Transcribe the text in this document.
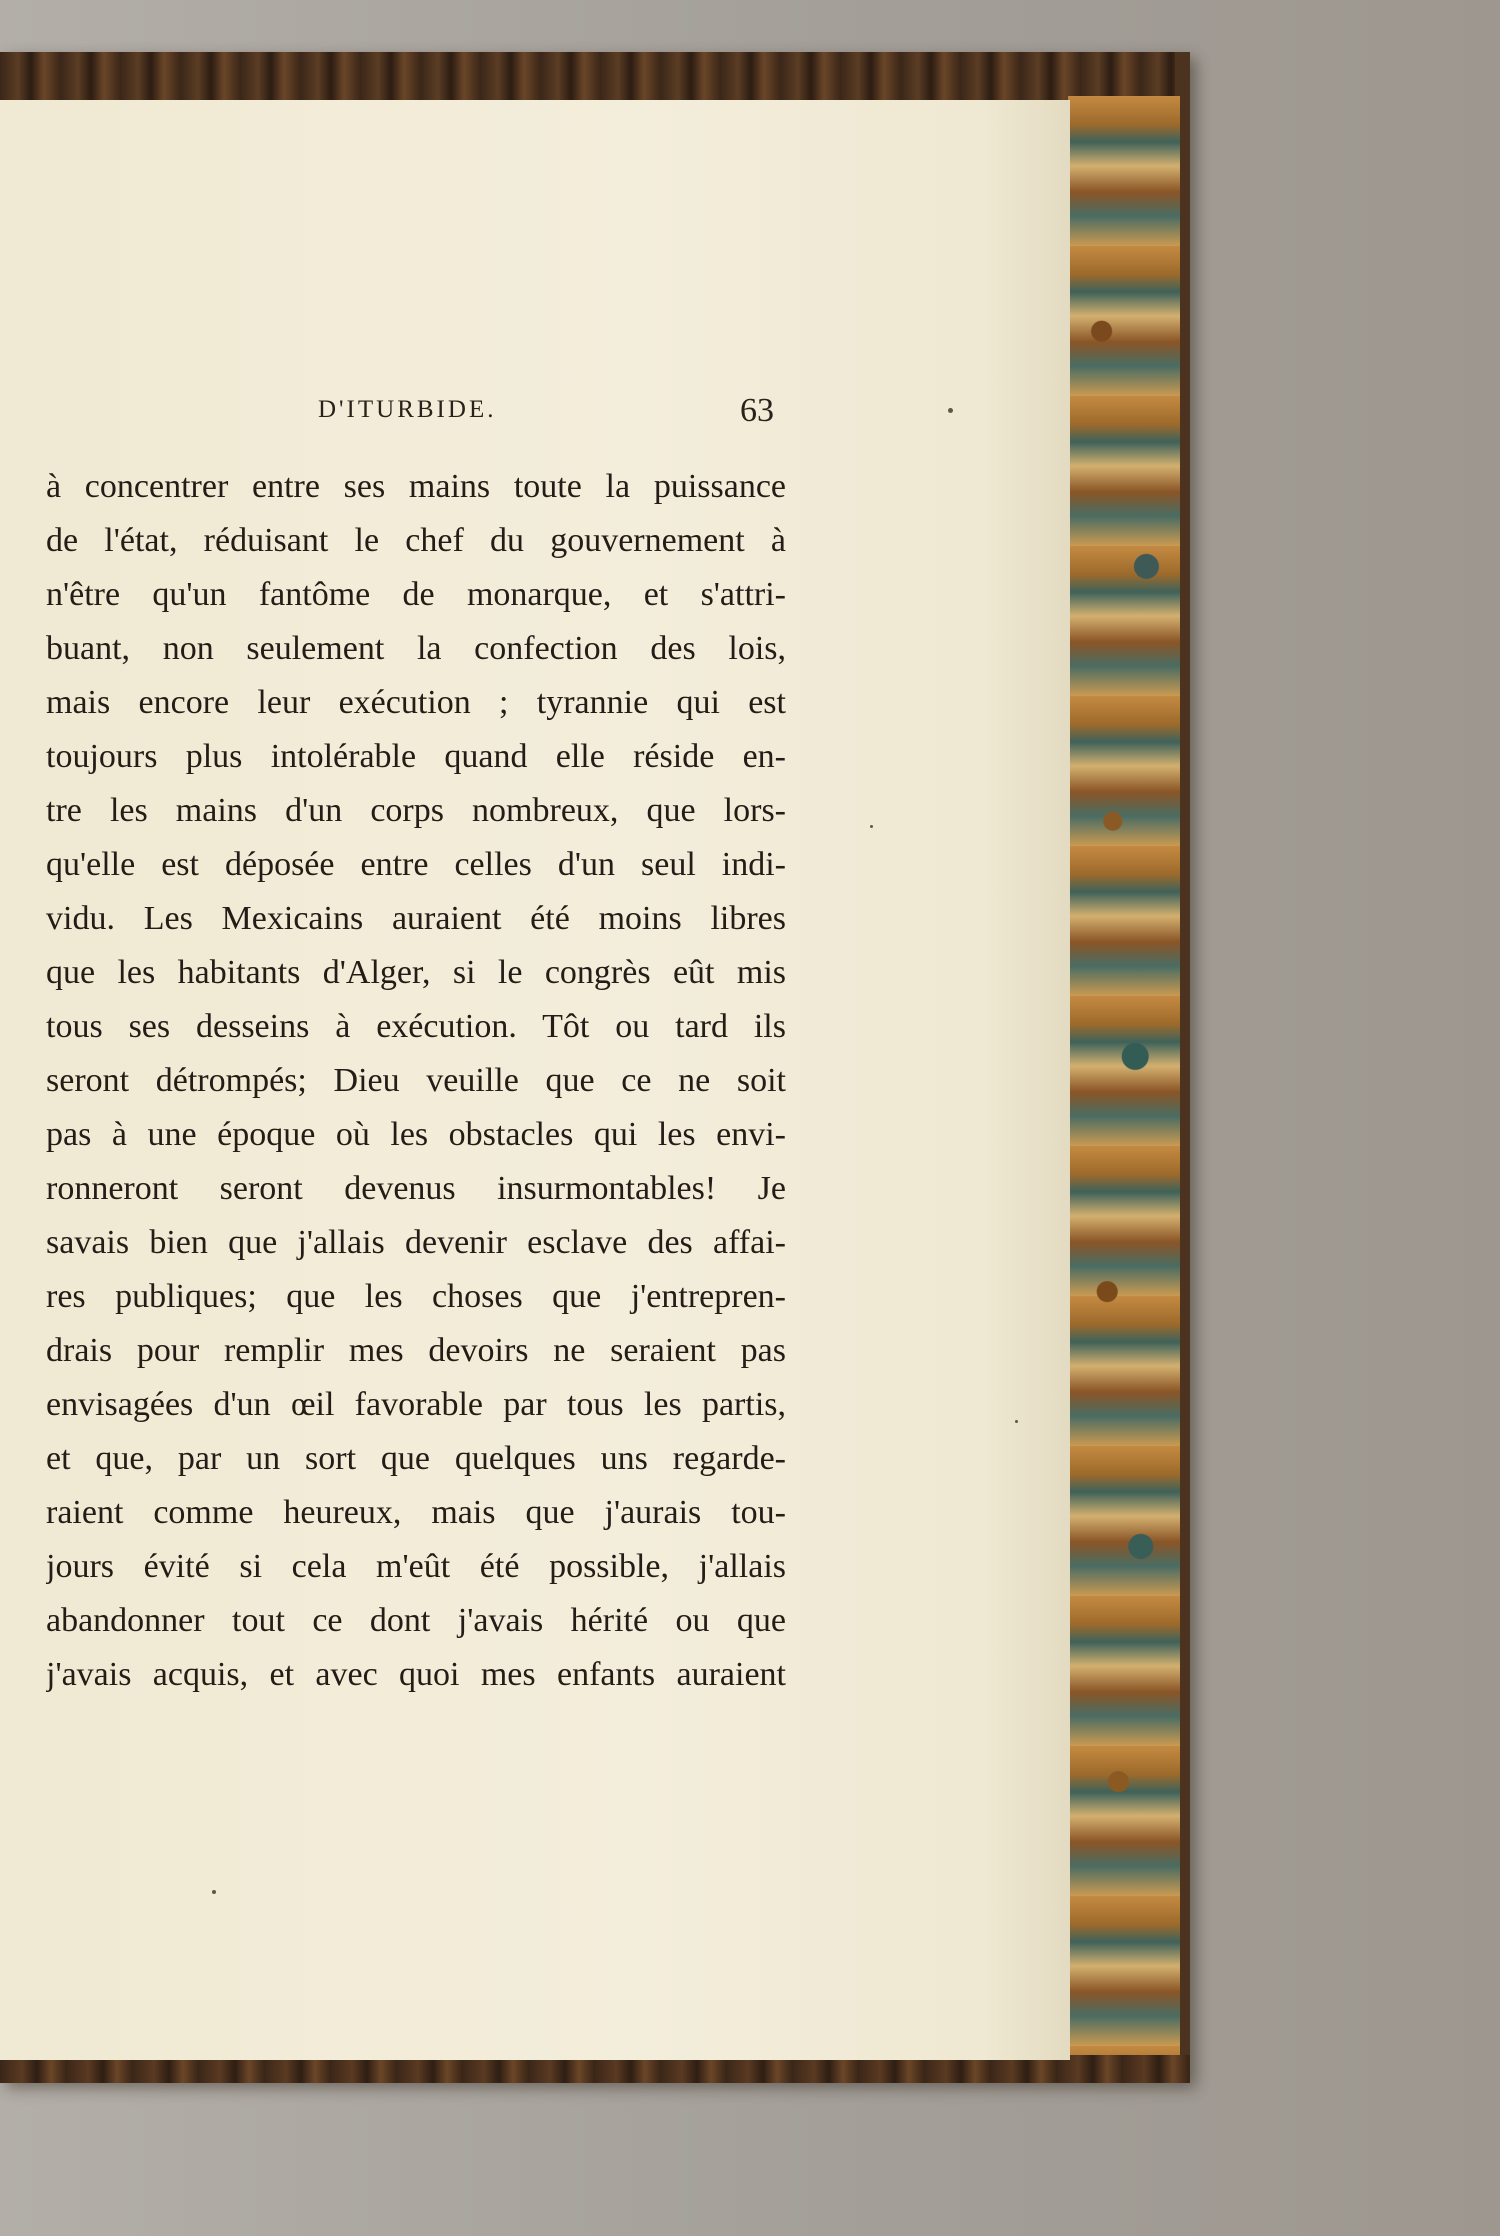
D'ITURBIDE.	63
à concentrer entre ses mains toute la puissance
de l'état, réduisant le chef du gouvernement à
n'être qu'un fantôme de monarque, et s'attri-
buant, non seulement la confection des lois,
mais encore leur exécution ; tyrannie qui est
toujours plus intolérable quand elle réside en-
tre les mains d'un corps nombreux, que lors-
qu'elle est déposée entre celles d'un seul indi-
vidu. Les Mexicains auraient été moins libres
que les habitants d'Alger, si le congrès eût mis
tous ses desseins à exécution. Tôt ou tard ils
seront détrompés; Dieu veuille que ce ne soit
pas à une époque où les obstacles qui les envi-
ronneront seront devenus insurmontables! Je
savais bien que j'allais devenir esclave des affai-
res publiques; que les choses que j'entrepren-
drais pour remplir mes devoirs ne seraient pas
envisagées d'un œil favorable par tous les partis,
et que, par un sort que quelques uns regarde-
raient comme heureux, mais que j'aurais tou-
jours évité si cela m'eût été possible, j'allais
abandonner tout ce dont j'avais hérité ou que
j'avais acquis, et avec quoi mes enfants auraient
